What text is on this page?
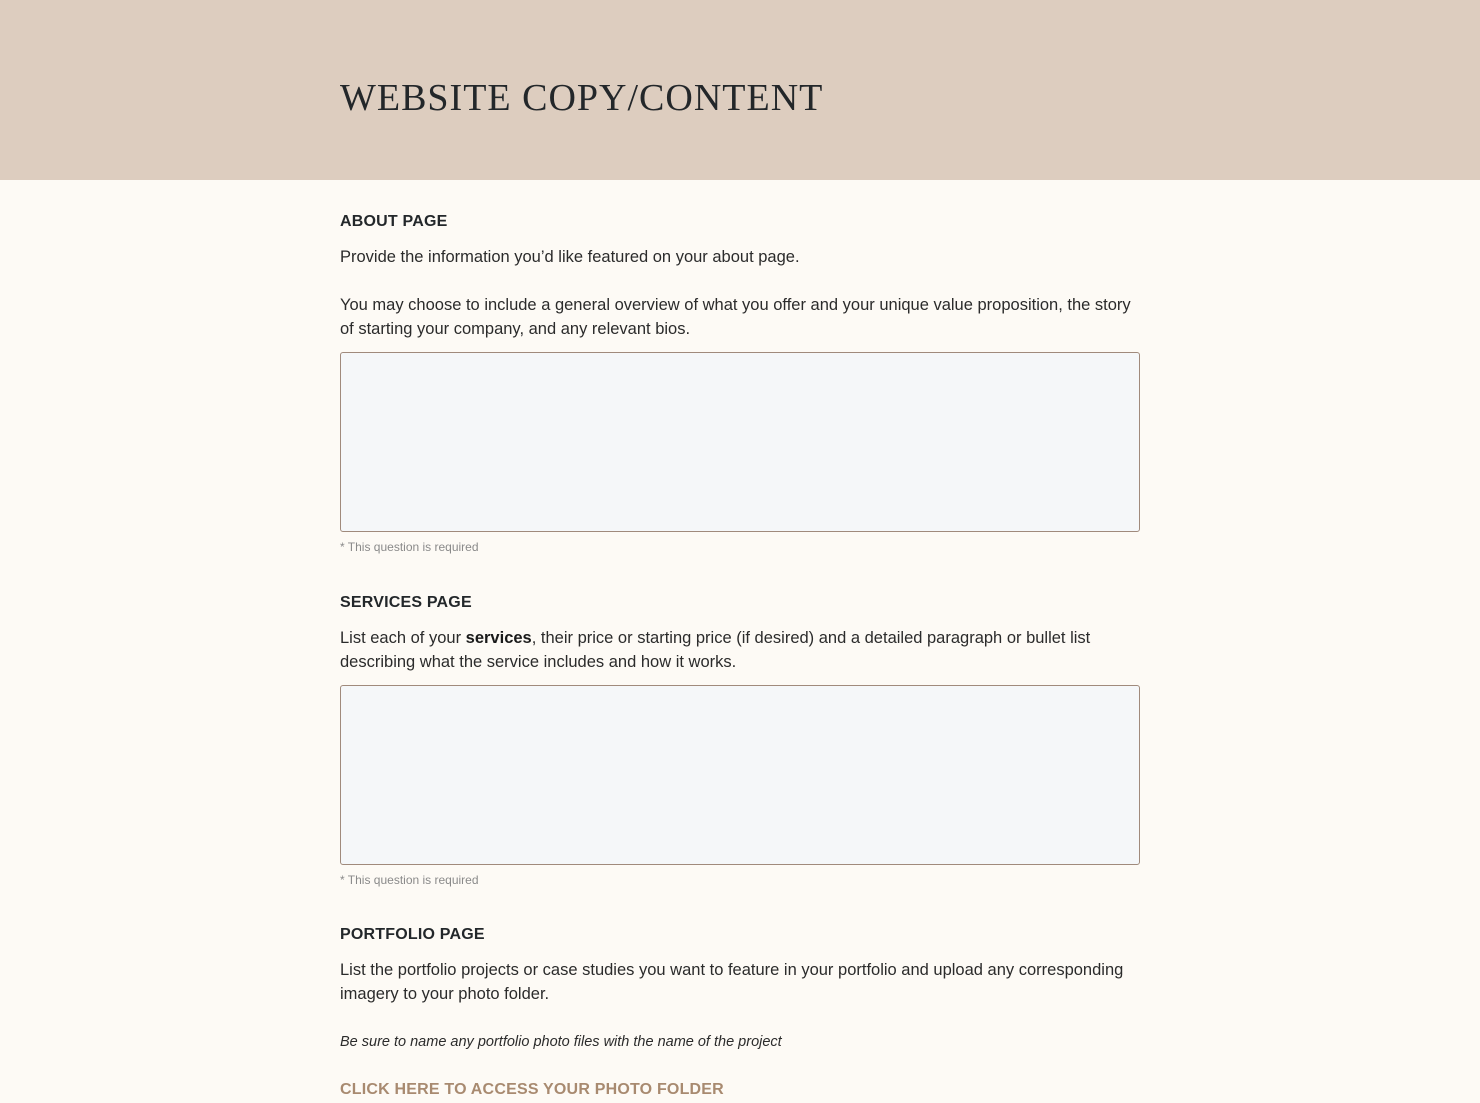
WEBSITE COPY/CONTENT
ABOUT PAGE

Provide the information you’d like featured on your about page.

You may choose to include a general overview of what you offer and your unique value proposition, the story of starting your company, and any relevant bios.

* This question is required

SERVICES PAGE

List each of your services, their price or starting price (if desired) and a detailed paragraph or bullet list describing what the service includes and how it works.

* This question is required

PORTFOLIO PAGE

List the portfolio projects or case studies you want to feature in your portfolio and upload any corresponding imagery to your photo folder.

Be sure to name any portfolio photo files with the name of the project

CLICK HERE TO ACCESS YOUR PHOTO FOLDER
